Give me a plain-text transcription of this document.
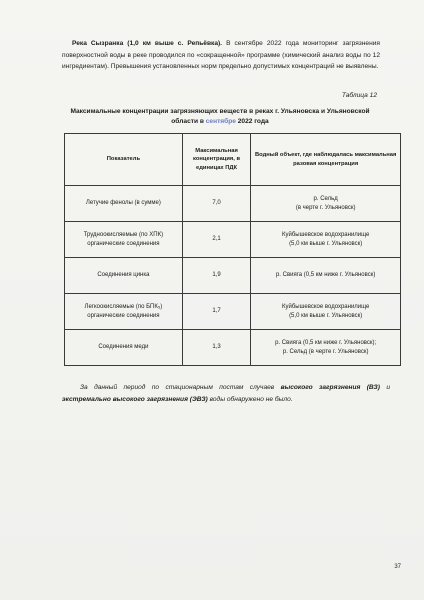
Река Сызранка (1,0 км выше с. Репьёвка). В сентябре 2022 года мониторинг загрязнения поверхностной воды в реке проводился по «сокращенной» программе (химический анализ воды по 12 ингредиентам). Превышения установленных норм предельно допустимых концентраций не выявлены.

Таблица 12

Максимальные концентрации загрязняющих веществ в реках г. Ульяновска и Ульяновской области в сентябре 2022 года

Показатель	Максимальная концентрация, в единицах ПДК	Водный объект, где наблюдалась максимальная разовая концентрация
Летучие фенолы (в сумме)	7,0	р. Сельд
(в черте г. Ульяновск)
Трудноокисляемые (по ХПК)
органические соединения	2,1	Куйбышевское водохранилище
(5,0 км выше г. Ульяновск)
Соединения цинка	1,9	р. Свияга (0,5 км ниже г. Ульяновск)
Легкоокисляемые (по БПК₅)
органические соединения	1,7	Куйбышевское водохранилище
(5,0 км выше г. Ульяновск)
Соединения меди	1,3	р. Свияга (0,5 км ниже г. Ульяновск);
р. Сельд (в черте г. Ульяновск)

За данный период по стационарным постам случаев высокого загрязнения (ВЗ) и экстремально высокого загрязнения (ЭВЗ) воды обнаружено не было.

37
